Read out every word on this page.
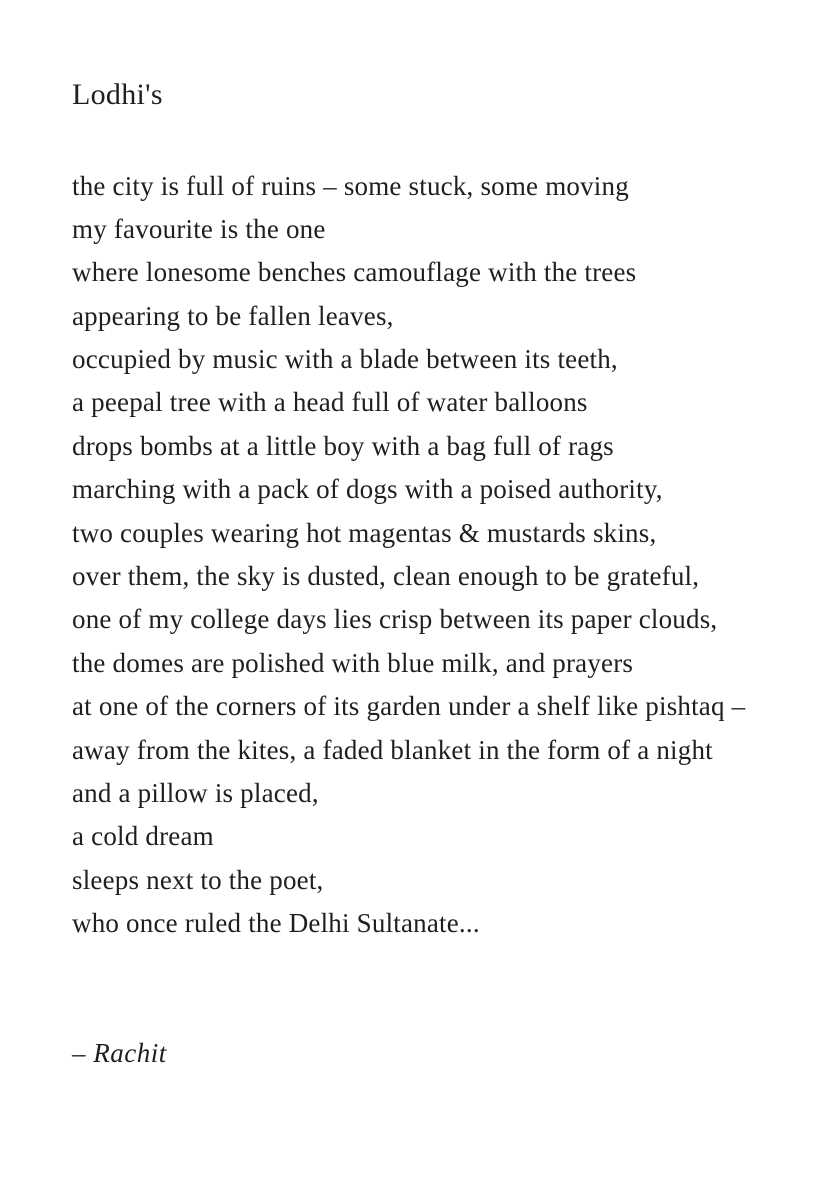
Lodhi's
the city is full of ruins – some stuck, some moving
my favourite is the one
where lonesome benches camouflage with the trees
appearing to be fallen leaves,
occupied by music with a blade between its teeth,
a peepal tree with a head full of water balloons
drops bombs at a little boy with a bag full of rags
marching with a pack of dogs with a poised authority,
two couples wearing hot magentas & mustards skins,
over them, the sky is dusted, clean enough to be grateful,
one of my college days lies crisp between its paper clouds,
the domes are polished with blue milk, and prayers
at one of the corners of its garden under a shelf like pishtaq –
away from the kites, a faded blanket in the form of a night
and a pillow is placed,
a cold dream
sleeps next to the poet,
who once ruled the Delhi Sultanate...
– Rachit
